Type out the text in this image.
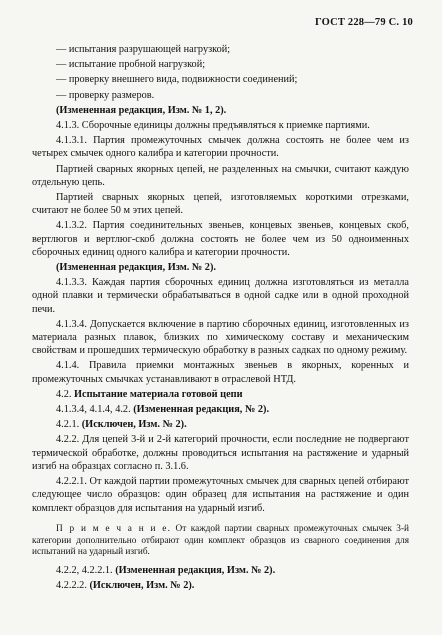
ГОСТ 228—79 С. 10

— испытания разрушающей нагрузкой;

— испытание пробной нагрузкой;

— проверку внешнего вида, подвижности соединений;

— проверку размеров.

(Измененная редакция, Изм. № 1, 2).

4.1.3. Сборочные единицы должны предъявляться к приемке партиями.

4.1.3.1. Партия промежуточных смычек должна состоять не более чем из четырех смычек одного калибра и категории прочности.

Партией сварных якорных цепей, не разделенных на смычки, считают каждую отдельную цепь.

Партией сварных якорных цепей, изготовляемых короткими отрезками, считают не более 50 м этих цепей.

4.1.3.2. Партия соединительных звеньев, концевых звеньев, концевых скоб, вертлюгов и вертлюг-скоб должна состоять не более чем из 50 одноименных сборочных единиц одного калибра и категории прочности.

(Измененная редакция, Изм. № 2).

4.1.3.3. Каждая партия сборочных единиц должна изготовляться из металла одной плавки и термически обрабатываться в одной садке или в одной проходной печи.

4.1.3.4. Допускается включение в партию сборочных единиц, изготовленных из материала разных плавок, близких по химическому составу и механическим свойствам и прошедших термическую обработку в разных садках по одному режиму.

4.1.4. Правила приемки монтажных звеньев в якорных, коренных и промежуточных смычках устанавливают в отраслевой НТД.

4.2. Испытание материала готовой цепи

4.1.3.4, 4.1.4, 4.2. (Измененная редакция, № 2).

4.2.1. (Исключен, Изм. № 2).

4.2.2. Для цепей 3-й и 2-й категорий прочности, если последние не подвергают термической обработке, должны проводиться испытания на растяжение и ударный изгиб на образцах согласно п. 3.1.6.

4.2.2.1. От каждой партии промежуточных смычек для сварных цепей отбирают следующее число образцов: один образец для испытания на растяжение и один комплект образцов для испытания на ударный изгиб.

П р и м е ч а н и е. От каждой партии сварных промежуточных смычек 3-й категории дополнительно отбирают один комплект образцов из сварного соединения для испытаний на ударный изгиб.

4.2.2, 4.2.2.1. (Измененная редакция, Изм. № 2).

4.2.2.2. (Исключен, Изм. № 2).
